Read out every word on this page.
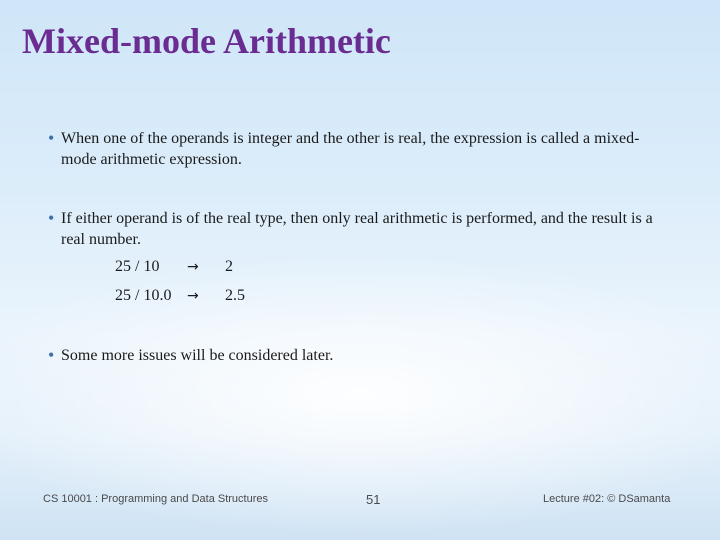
Mixed-mode Arithmetic
• When one of the operands is integer and the other is real, the expression is called a mixed-mode arithmetic expression.
• If either operand is of the real type, then only real arithmetic is performed, and the result is a real number.
25 / 10 → 2
25 / 10.0 → 2.5
• Some more issues will be considered later.
CS 10001 : Programming and Data Structures	51	Lecture #02: © DSamanta
